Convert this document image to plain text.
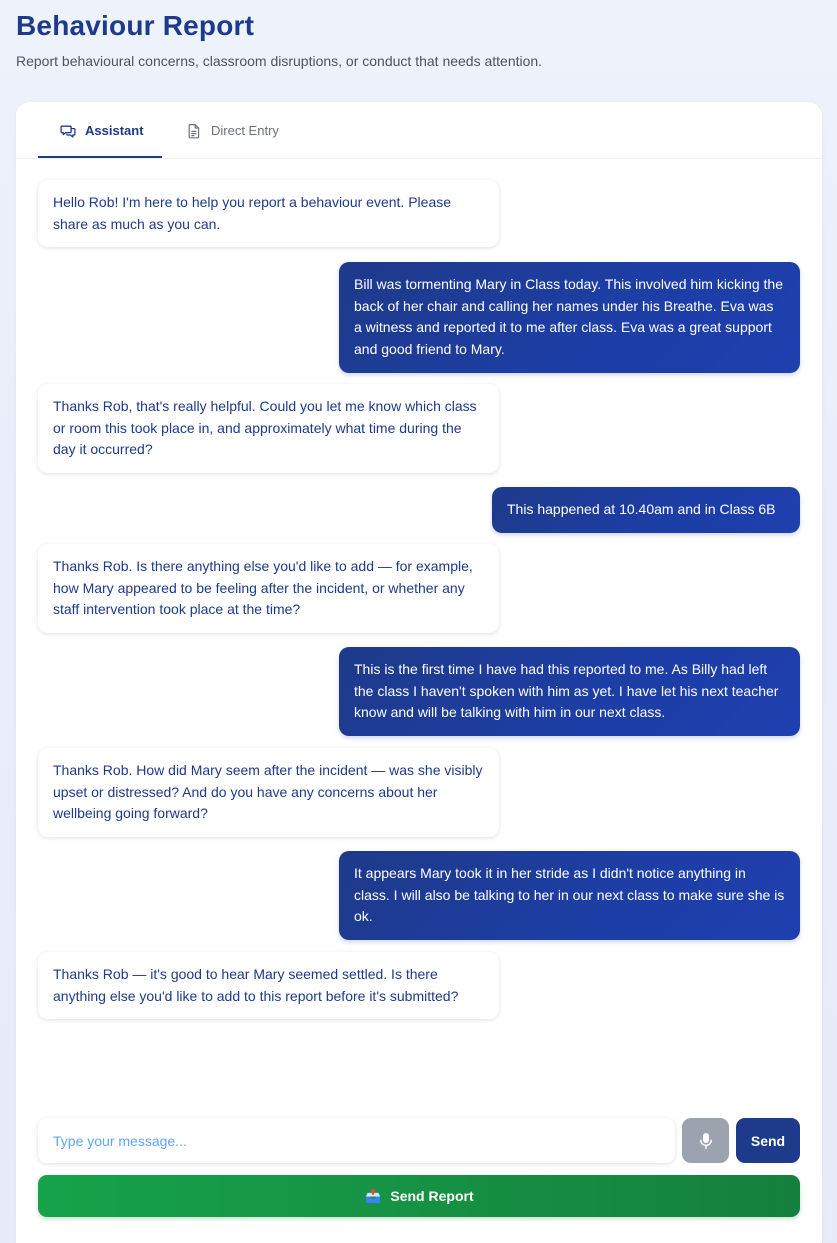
Behaviour Report

Report behavioural concerns, classroom disruptions, or conduct that needs attention.

Assistant	Direct Entry
Hello Rob! I'm here to help you report a behaviour event. Please share as much as you can.
Bill was tormenting Mary in Class today. This involved him kicking the back of her chair and calling her names under his Breathe. Eva was a witness and reported it to me after class. Eva was a great support and good friend to Mary.
Thanks Rob, that's really helpful. Could you let me know which class or room this took place in, and approximately what time during the day it occurred?
This happened at 10.40am and in Class 6B
Thanks Rob. Is there anything else you'd like to add — for example, how Mary appeared to be feeling after the incident, or whether any staff intervention took place at the time?
This is the first time I have had this reported to me. As Billy had left the class I haven't spoken with him as yet. I have let his next teacher know and will be talking with him in our next class.
Thanks Rob. How did Mary seem after the incident — was she visibly upset or distressed? And do you have any concerns about her wellbeing going forward?
It appears Mary took it in her stride as I didn't notice anything in class. I will also be talking to her in our next class to make sure she is ok.
Thanks Rob — it's good to hear Mary seemed settled. Is there anything else you'd like to add to this report before it's submitted?
Type your message...
Send
Send Report
